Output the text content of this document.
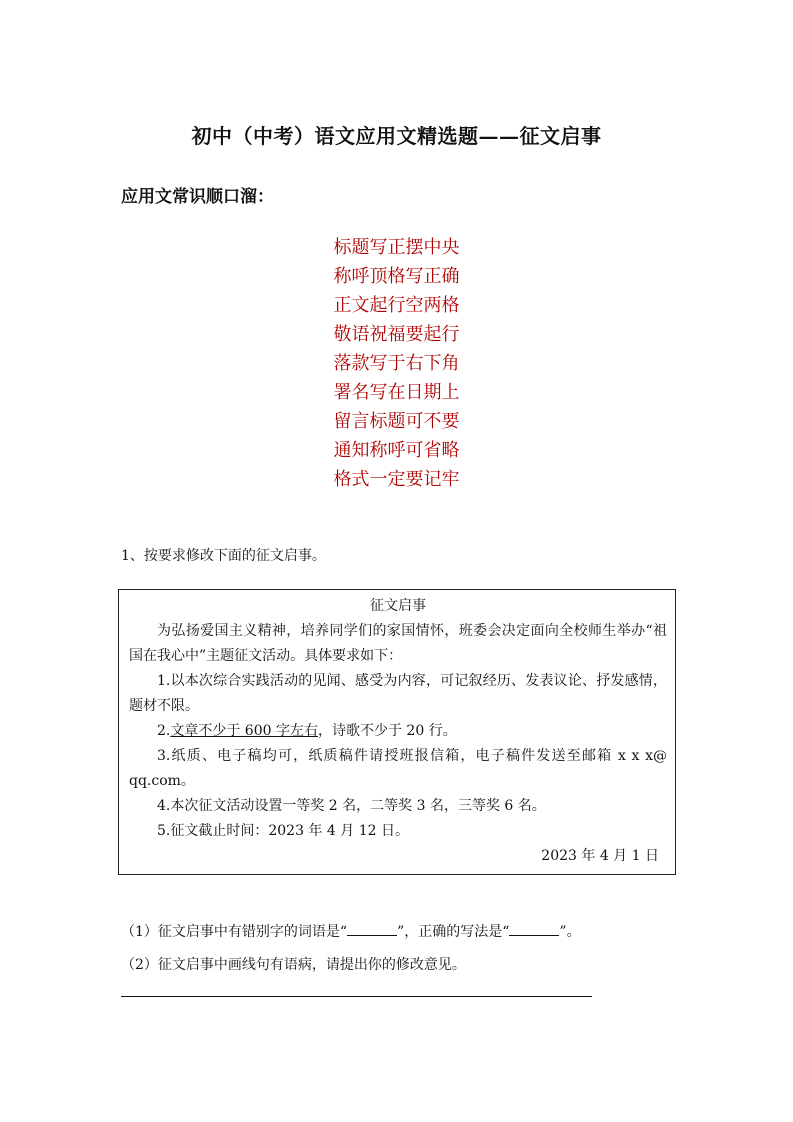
初中（中考）语文应用文精选题——征文启事
应用文常识顺口溜：
标题写正摆中央
称呼顶格写正确
正文起行空两格
敬语祝福要起行
落款写于右下角
署名写在日期上
留言标题可不要
通知称呼可省略
格式一定要记牢
1、按要求修改下面的征文启事。
征文启事

为弘扬爱国主义精神，培养同学们的家国情怀，班委会决定面向全校师生举办“祖国在我心中”主题征文活动。具体要求如下：

1.以本次综合实践活动的见闻、感受为内容，可记叙经历、发表议论、抒发感情，题材不限。

2.文章不少于 600 字左右，诗歌不少于 20 行。

3.纸质、电子稿均可，纸质稿件请授班报信箱，电子稿件发送至邮箱 x x x@ qq.com。

4.本次征文活动设置一等奖 2 名，二等奖 3 名，三等奖 6 名。

5.征文截止时间：2023 年 4 月 12 日。

2023 年 4 月 1 日
（1）征文启事中有错别字的词语是“	”，正确的写法是“	”。
（2）征文启事中画线句有语病，请提出你的修改意见。
